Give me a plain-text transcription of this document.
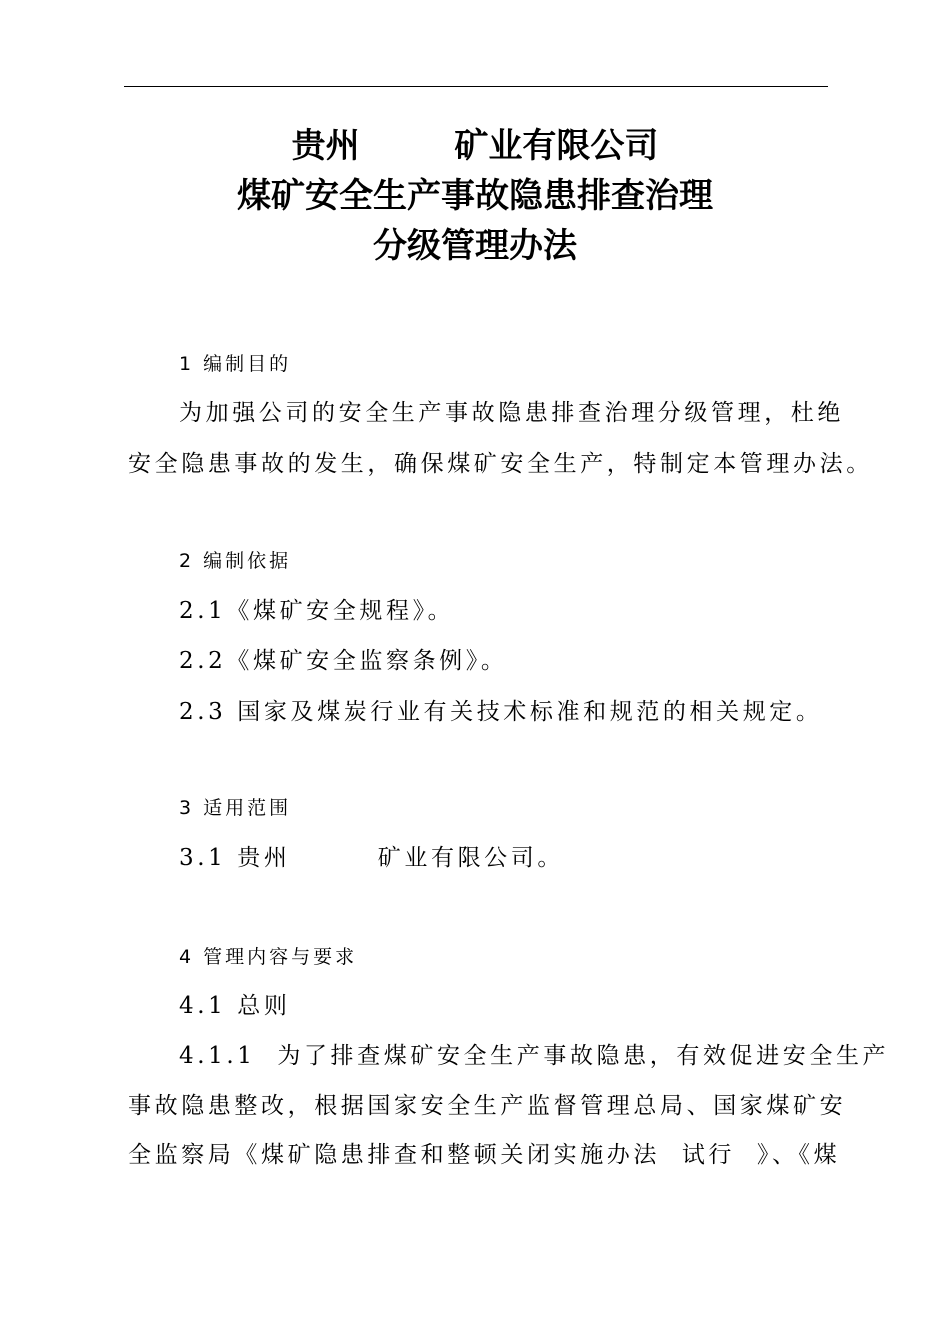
贵州        矿业有限公司
煤矿安全生产事故隐患排查治理
分级管理办法
1 编制目的
为加强公司的安全生产事故隐患排查治理分级管理，杜绝
安全隐患事故的发生，确保煤矿安全生产，特制定本管理办法。
2 编制依据
2.1《煤矿安全规程》。
2.2《煤矿安全监察条例》。
2.3 国家及煤炭行业有关技术标准和规范的相关规定。
3 适用范围
3.1 贵州        矿业有限公司。
4 管理内容与要求
4.1 总则
4.1.1  为了排查煤矿安全生产事故隐患，有效促进安全生产
事故隐患整改，根据国家安全生产监督管理总局、国家煤矿安
全监察局《煤矿隐患排查和整顿关闭实施办法  试行  》、《煤
